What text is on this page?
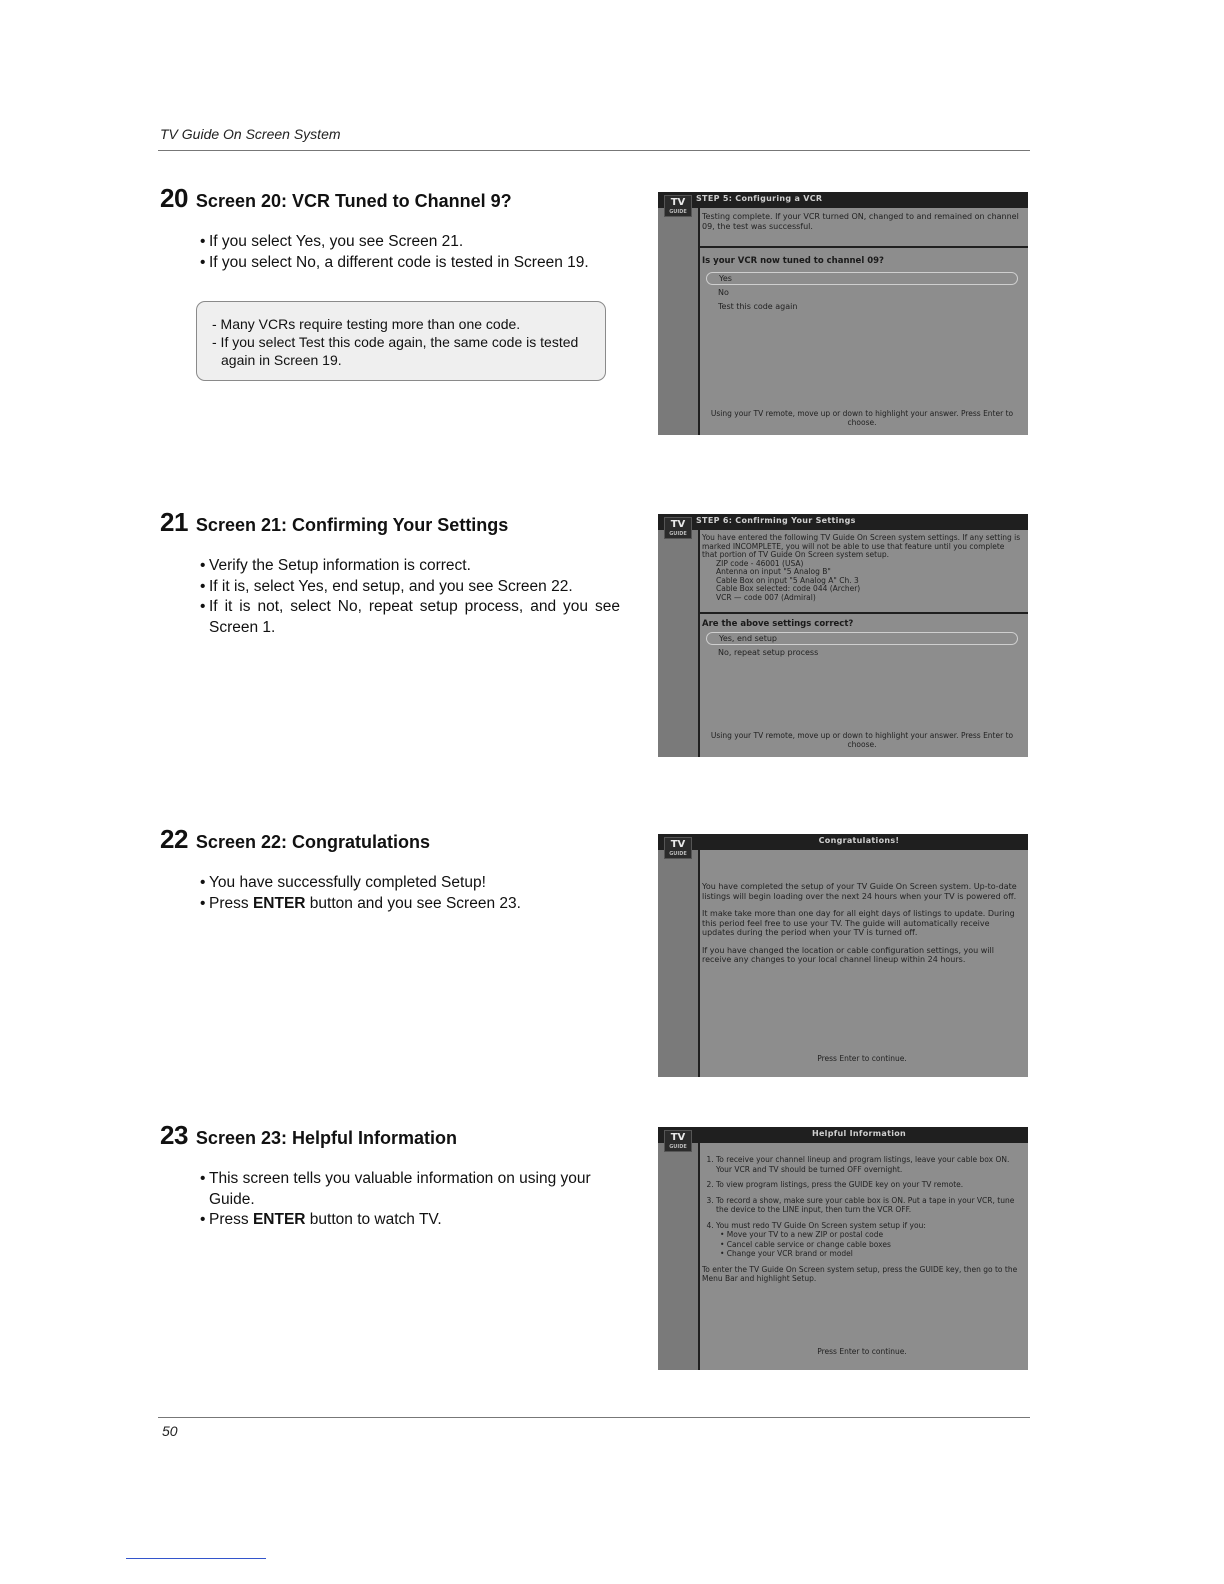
TV Guide On Screen System
20 Screen 20: VCR Tuned to Channel 9?
• If you select Yes, you see Screen 21.
• If you select No, a different code is tested in Screen 19.

- Many VCRs require testing more than one code.

- If you select Test this code again, the same code is tested again in Screen 19.

STEP 5: Configuring a VCR
TV
GUIDE	Testing complete. If your VCR turned ON, changed to and remained on channel 09, the test was successful.
Is your VCR now tuned to channel 09?
Yes
No
Test this code again
Using your TV remote, move up or down to highlight your answer. Press Enter to choose.
21 Screen 21: Confirming Your Settings
• Verify the Setup information is correct.
• If it is, select Yes, end setup, and you see Screen 22.
• If it is not, select No, repeat setup process, and you see Screen 1.
STEP 6: Confirming Your Settings
TV
GUIDE	You have entered the following TV Guide On Screen system settings. If any setting is marked INCOMPLETE, you will not be able to use that feature until you complete that portion of TV Guide On Screen system setup.
ZIP code - 46001 (USA)
Antenna on input "5 Analog B"
Cable Box on input "5 Analog A" Ch. 3
Cable Box selected: code 044 (Archer)
VCR — code 007 (Admiral)
Are the above settings correct?
Yes, end setup
No, repeat setup process
Using your TV remote, move up or down to highlight your answer. Press Enter to choose.
22 Screen 22: Congratulations
• You have successfully completed Setup!
• Press ENTER button and you see Screen 23.
Congratulations!
TV
GUIDE

You have completed the setup of your TV Guide On Screen system. Up-to-date listings will begin loading over the next 24 hours when your TV is powered off.

It make take more than one day for all eight days of listings to update. During this period feel free to use your TV. The guide will automatically receive updates during the period when your TV is turned off.

If you have changed the location or cable configuration settings, you will receive any changes to your local channel lineup within 24 hours.

Press Enter to continue.
23 Screen 23: Helpful Information
• This screen tells you valuable information on using your Guide.
• Press ENTER button to watch TV.
Helpful Information
TV
GUIDE
1. To receive your channel lineup and program listings, leave your cable box ON. Your VCR and TV should be turned OFF overnight.
2. To view program listings, press the GUIDE key on your TV remote.
3. To record a show, make sure your cable box is ON. Put a tape in your VCR, tune the device to the LINE input, then turn the VCR OFF.
4. You must redo TV Guide On Screen system setup if you:
• Move your TV to a new ZIP or postal code
• Cancel cable service or change cable boxes
• Change your VCR brand or model

To enter the TV Guide On Screen system setup, press the GUIDE key, then go to the Menu Bar and highlight Setup.

Press Enter to continue.
50
